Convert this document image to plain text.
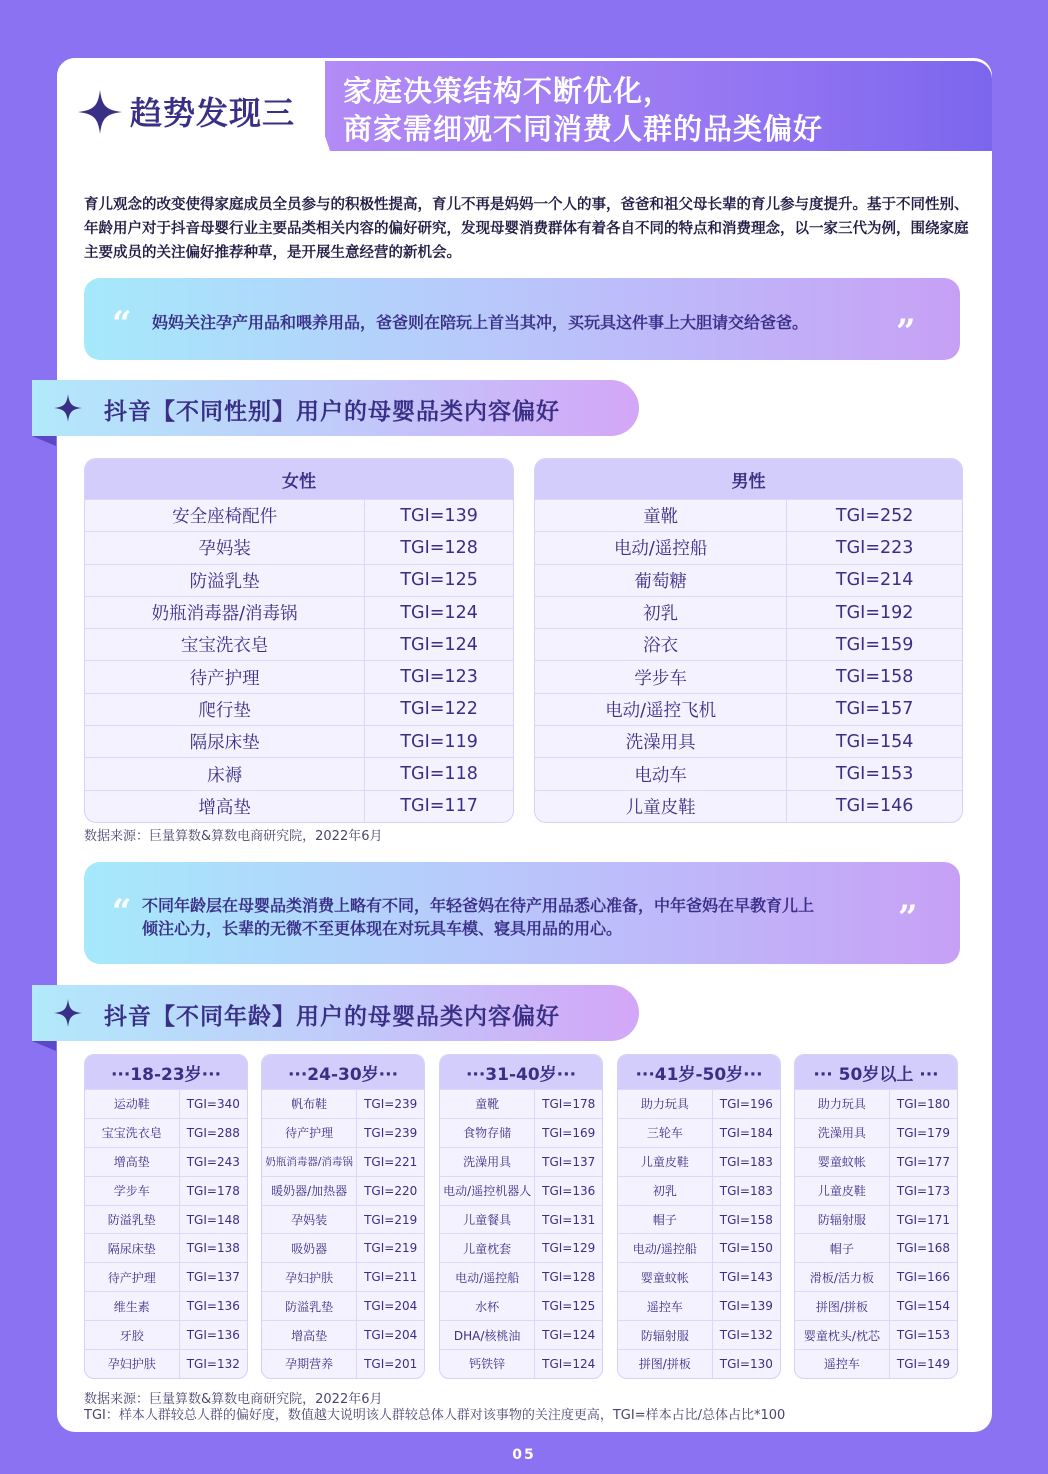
趋势发现三
家庭决策结构不断优化，
商家需细观不同消费人群的品类偏好
育儿观念的改变使得家庭成员全员参与的积极性提高，育儿不再是妈妈一个人的事，爸爸和祖父母长辈的育儿参与度提升。基于不同性别、年龄用户对于抖音母婴行业主要品类相关内容的偏好研究，发现母婴消费群体有着各自不同的特点和消费理念，以一家三代为例，围绕家庭主要成员的关注偏好推荐种草，是开展生意经营的新机会。
“ 妈妈关注孕产用品和喂养用品，爸爸则在陪玩上首当其冲，买玩具这件事上大胆请交给爸爸。	”
抖音【不同性别】用户的母婴品类内容偏好
女性	
安全座椅配件	TGI=139
孕妈装	TGI=128
防溢乳垫	TGI=125
奶瓶消毒器/消毒锅	TGI=124
宝宝洗衣皂	TGI=124
待产护理	TGI=123
爬行垫	TGI=122
隔尿床垫	TGI=119
床褥	TGI=118
增高垫	TGI=117
男性	
童靴	TGI=252
电动/遥控船	TGI=223
葡萄糖	TGI=214
初乳	TGI=192
浴衣	TGI=159
学步车	TGI=158
电动/遥控飞机	TGI=157
洗澡用具	TGI=154
电动车	TGI=153
儿童皮鞋	TGI=146
数据来源：巨量算数&算数电商研究院，2022年6月
“ 不同年龄层在母婴品类消费上略有不同，年轻爸妈在待产用品悉心准备，中年爸妈在早教育儿上
倾注心力，长辈的无微不至更体现在对玩具车模、寝具用品的用心。	”
抖音【不同年龄】用户的母婴品类内容偏好
···18-23岁···	
运动鞋	TGI=340
宝宝洗衣皂	TGI=288
增高垫	TGI=243
学步车	TGI=178
防溢乳垫	TGI=148
隔尿床垫	TGI=138
待产护理	TGI=137
维生素	TGI=136
牙胶	TGI=136
孕妇护肤	TGI=132
···24-30岁···	
帆布鞋	TGI=239
待产护理	TGI=239
奶瓶消毒器/消毒锅	TGI=221
暖奶器/加热器	TGI=220
孕妈装	TGI=219
吸奶器	TGI=219
孕妇护肤	TGI=211
防溢乳垫	TGI=204
增高垫	TGI=204
孕期营养	TGI=201
···31-40岁···	
童靴	TGI=178
食物存储	TGI=169
洗澡用具	TGI=137
电动/遥控机器人	TGI=136
儿童餐具	TGI=131
儿童枕套	TGI=129
电动/遥控船	TGI=128
水杯	TGI=125
DHA/核桃油	TGI=124
钙铁锌	TGI=124
···41岁-50岁···	
助力玩具	TGI=196
三轮车	TGI=184
儿童皮鞋	TGI=183
初乳	TGI=183
帽子	TGI=158
电动/遥控船	TGI=150
婴童蚊帐	TGI=143
遥控车	TGI=139
防辐射服	TGI=132
拼图/拼板	TGI=130
··· 50岁以上 ···	
助力玩具	TGI=180
洗澡用具	TGI=179
婴童蚊帐	TGI=177
儿童皮鞋	TGI=173
防辐射服	TGI=171
帽子	TGI=168
滑板/活力板	TGI=166
拼图/拼板	TGI=154
婴童枕头/枕芯	TGI=153
遥控车	TGI=149
数据来源：巨量算数&算数电商研究院，2022年6月
TGI：样本人群较总人群的偏好度，数值越大说明该人群较总体人群对该事物的关注度更高，TGI=样本占比/总体占比*100
05
